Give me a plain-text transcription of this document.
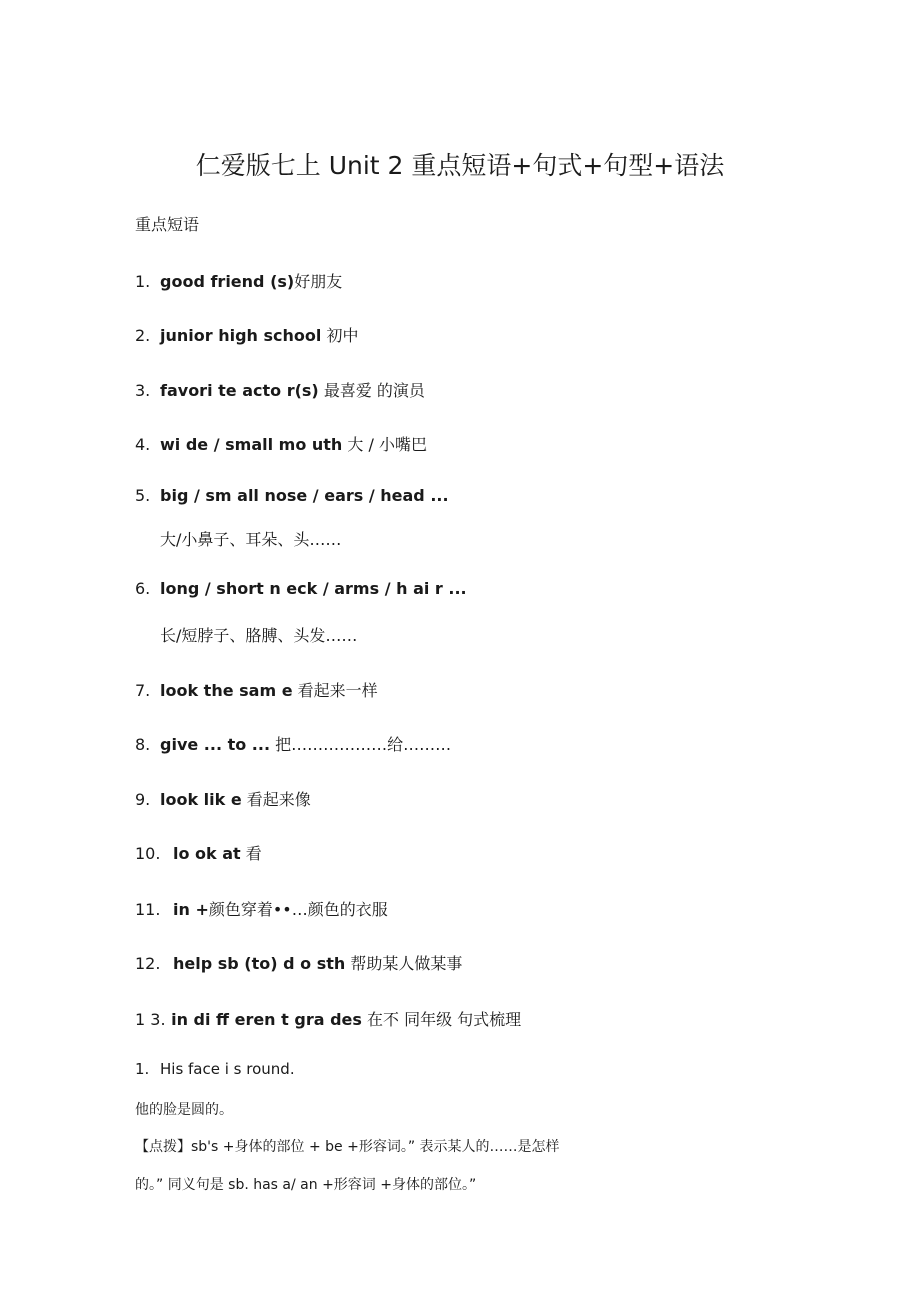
仁爱版七上 Unit 2 重点短语+句式+句型+语法
重点短语
1. good friend (s)好朋友
2. junior high school 初中
3. favori te acto r(s) 最喜爱 的演员
4. wi de / small mo uth 大 / 小嘴巴
5. big / sm all nose / ears / head ...
大/小鼻子、耳朵、头……
6. long / short n eck / arms / h ai r ...
长/短脖子、胳膊、头发……
7. look the sam e 看起来一样
8. give ... to ... 把………………给………
9. look lik e 看起来像
10. lo ok at 看
11. in +颜色穿着••…颜色的衣服
12. help sb (to) d o sth 帮助某人做某事
1 3. in di ff eren t gra des 在不 同年级 句式梳理
1. His face i s round.
他的脸是圆的。
【点拨】sb's +身体的部位 + be +形容词。” 表示某人的……是怎样
的。” 同义句是 sb. has a/ an +形容词 +身体的部位。”
